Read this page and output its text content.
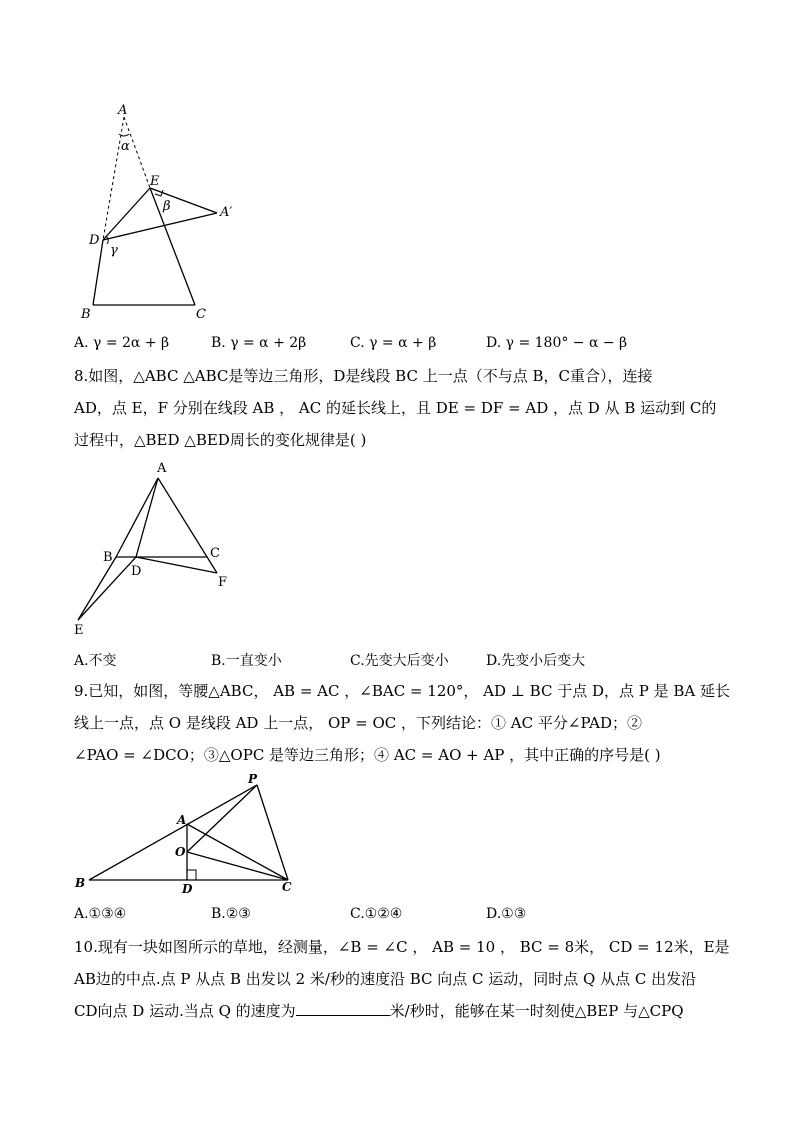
A
α
E
β	A′
D
γ
B	C
A. γ = 2α + β	B. γ = α + 2β	C. γ = α + β	D. γ = 180° − α − β
8.如图，△ABC △ABC是等边三角形，D是线段 BC 上一点（不与点 B，C重合），连接
AD，点 E，F 分别在线段 AB ， AC 的延长线上，且 DE = DF = AD ，点 D 从 B 运动到 C的
过程中，△BED △BED周长的变化规律是( )
A
B	C
D
E
F
A.不变	B.一直变小	C.先变大后变小	D.先变小后变大
9.已知，如图，等腰△ABC， AB = AC ，∠BAC = 120°， AD ⊥ BC 于点 D，点 P 是 BA 延长
线上一点，点 O 是线段 AD 上一点， OP = OC ，下列结论：① AC 平分∠PAD；②
∠PAO = ∠DCO；③△OPC 是等边三角形；④ AC = AO + AP ，其中正确的序号是( )
P
A
O
B	D	C
A.①③④	B.②③	C.①②④	D.①③
10.现有一块如图所示的草地，经测量，∠B = ∠C ， AB = 10 ， BC = 8米， CD = 12米，E是
AB边的中点.点 P 从点 B 出发以 2 米/秒的速度沿 BC 向点 C 运动，同时点 Q 从点 C 出发沿
CD向点 D 运动.当点 Q 的速度为	米/秒时，能够在某一时刻使△BEP 与△CPQ
